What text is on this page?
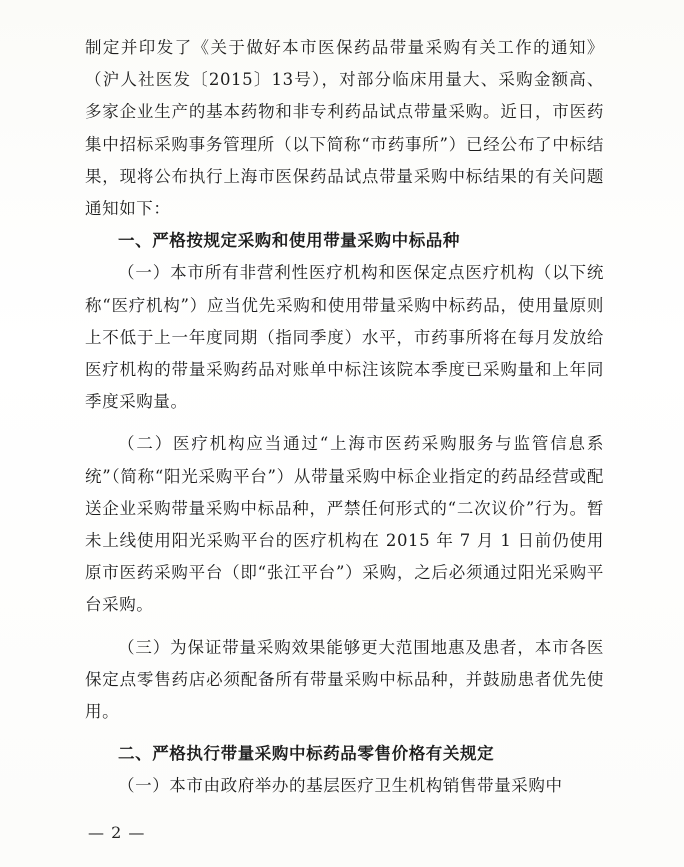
制定并印发了《关于做好本市医保药品带量采购有关工作的通知》（沪人社医发〔2015〕13号），对部分临床用量大、采购金额高、多家企业生产的基本药物和非专利药品试点带量采购。近日，市医药集中招标采购事务管理所（以下简称“市药事所”）已经公布了中标结果，现将公布执行上海市医保药品试点带量采购中标结果的有关问题通知如下：

一、严格按规定采购和使用带量采购中标品种

（一）本市所有非营利性医疗机构和医保定点医疗机构（以下统称“医疗机构”）应当优先采购和使用带量采购中标药品，使用量原则上不低于上一年度同期（指同季度）水平，市药事所将在每月发放给医疗机构的带量采购药品对账单中标注该院本季度已采购量和上年同季度采购量。

（二）医疗机构应当通过“上海市医药采购服务与监管信息系统”（简称“阳光采购平台”）从带量采购中标企业指定的药品经营或配送企业采购带量采购中标品种，严禁任何形式的“二次议价”行为。暂未上线使用阳光采购平台的医疗机构在 2015 年 7 月 1 日前仍使用原市医药采购平台（即“张江平台”）采购，之后必须通过阳光采购平台采购。

（三）为保证带量采购效果能够更大范围地惠及患者，本市各医保定点零售药店必须配备所有带量采购中标品种，并鼓励患者优先使用。

二、严格执行带量采购中标药品零售价格有关规定

（一）本市由政府举办的基层医疗卫生机构销售带量采购中

— 2 —
